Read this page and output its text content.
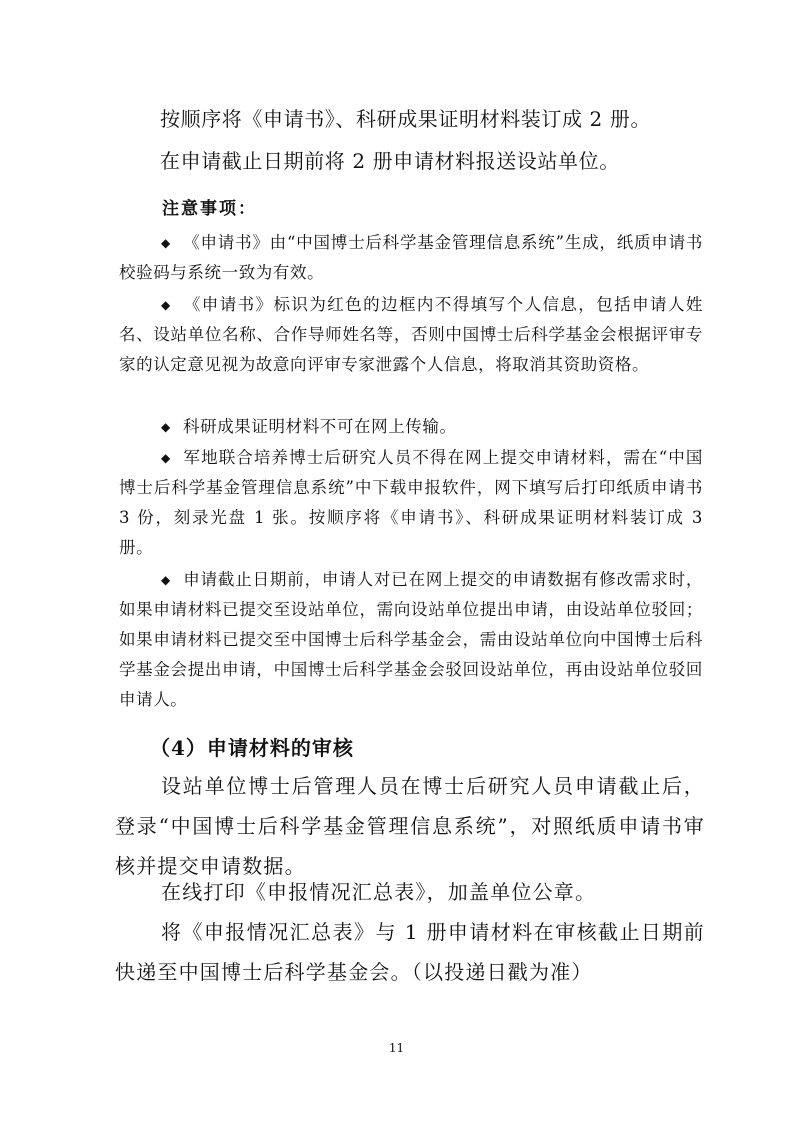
按顺序将《申请书》、科研成果证明材料装订成 2 册。

在申请截止日期前将 2 册申请材料报送设站单位。

注意事项：

◆ 《申请书》由“中国博士后科学基金管理信息系统”生成，纸质申请书校验码与系统一致为有效。

◆ 《申请书》标识为红色的边框内不得填写个人信息，包括申请人姓名、设站单位名称、合作导师姓名等，否则中国博士后科学基金会根据评审专家的认定意见视为故意向评审专家泄露个人信息，将取消其资助资格。

◆ 科研成果证明材料不可在网上传输。

◆ 军地联合培养博士后研究人员不得在网上提交申请材料，需在“中国博士后科学基金管理信息系统”中下载申报软件，网下填写后打印纸质申请书 3 份，刻录光盘 1 张。按顺序将《申请书》、科研成果证明材料装订成 3 册。

◆ 申请截止日期前，申请人对已在网上提交的申请数据有修改需求时，如果申请材料已提交至设站单位，需向设站单位提出申请，由设站单位驳回；如果申请材料已提交至中国博士后科学基金会，需由设站单位向中国博士后科学基金会提出申请，中国博士后科学基金会驳回设站单位，再由设站单位驳回申请人。

（4）申请材料的审核

设站单位博士后管理人员在博士后研究人员申请截止后，登录“中国博士后科学基金管理信息系统”，对照纸质申请书审核并提交申请数据。

在线打印《申报情况汇总表》，加盖单位公章。

将《申报情况汇总表》与 1 册申请材料在审核截止日期前快递至中国博士后科学基金会。（以投递日戳为准）

11
